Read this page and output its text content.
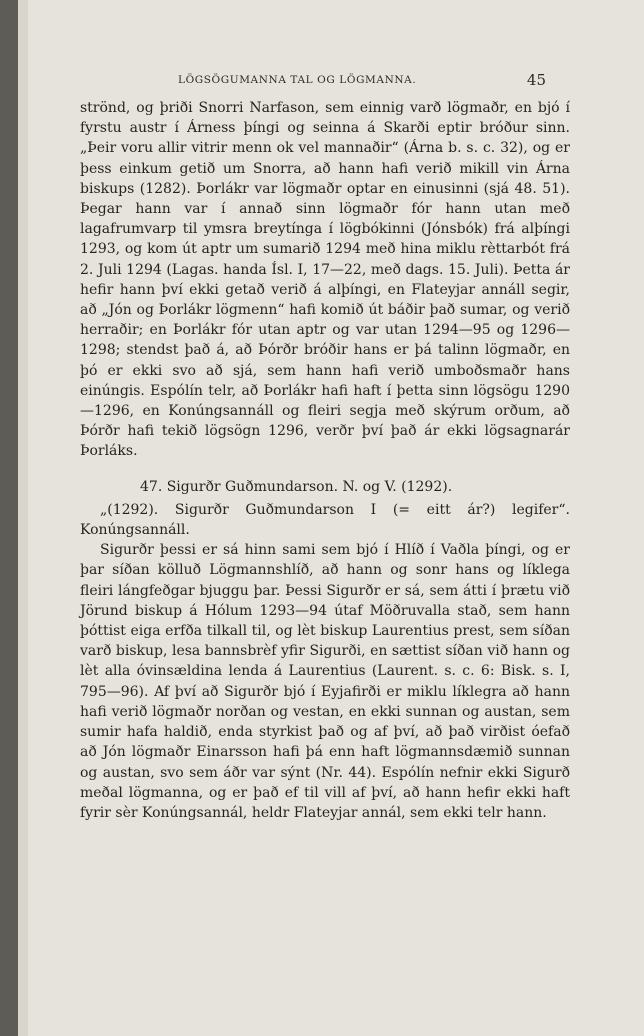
LÖGSÖGUMANNA TAL OG LÖGMANNA.	45

strönd, og þriði Snorri Narfason, sem einnig varð lögmaðr, en bjó í fyrstu austr í Árness þíngi og seinna á Skarði eptir bróður sinn. „Þeir voru allir vitrir menn ok vel mannaðir“ (Árna b. s. c. 32), og er þess einkum getið um Snorra, að hann hafi verið mikill vin Árna biskups (1282). Þorlákr var lögmaðr optar en einusinni (sjá 48. 51). Þegar hann var í annað sinn lögmaðr fór hann utan með lagafrumvarp til ymsra breytínga í lögbókinni (Jónsbók) frá alþíngi 1293, og kom út aptr um sumarið 1294 með hina miklu rèttarbót frá 2. Juli 1294 (Lagas. handa Ísl. I, 17—22, með dags. 15. Juli). Þetta ár hefir hann því ekki getað verið á alþíngi, en Flateyjar annáll segir, að „Jón og Þorlákr lögmenn“ hafi komið út báðir það sumar, og verið herraðir; en Þorlákr fór utan aptr og var utan 1294—95 og 1296—1298; stendst það á, að Þórðr bróðir hans er þá talinn lögmaðr, en þó er ekki svo að sjá, sem hann hafi verið umboðsmaðr hans einúngis. Espólín telr, að Þorlákr hafi haft í þetta sinn lögsögu 1290—1296, en Konúngsannáll og fleiri segja með skýrum orðum, að Þórðr hafi tekið lögsögn 1296, verðr því það ár ekki lögsagnarár Þorláks.

47. Sigurðr Guðmundarson. N. og V. (1292).

„(1292). Sigurðr Guðmundarson I (= eitt ár?) legifer“. Konúngsannáll.

Sigurðr þessi er sá hinn sami sem bjó í Hlíð í Vaðla þíngi, og er þar síðan kölluð Lögmannshlíð, að hann og sonr hans og líklega fleiri lángfeðgar bjuggu þar. Þessi Sigurðr er sá, sem átti í þrætu við Jörund biskup á Hólum 1293—94 útaf Möðruvalla stað, sem hann þóttist eiga erfða tilkall til, og lèt biskup Laurentius prest, sem síðan varð biskup, lesa bannsbrèf yfir Sigurði, en sættist síðan við hann og lèt alla óvinsældina lenda á Laurentius (Laurent. s. c. 6: Bisk. s. I, 795—96). Af því að Sigurðr bjó í Eyjafirði er miklu líklegra að hann hafi verið lögmaðr norðan og vestan, en ekki sunnan og austan, sem sumir hafa haldið, enda styrkist það og af því, að það virðist óefað að Jón lögmaðr Einarsson hafi þá enn haft lögmannsdæmið sunnan og austan, svo sem áðr var sýnt (Nr. 44). Espólín nefnir ekki Sigurð meðal lögmanna, og er það ef til vill af því, að hann hefir ekki haft fyrir sèr Konúngsannál, heldr Flateyjar annál, sem ekki telr hann.
